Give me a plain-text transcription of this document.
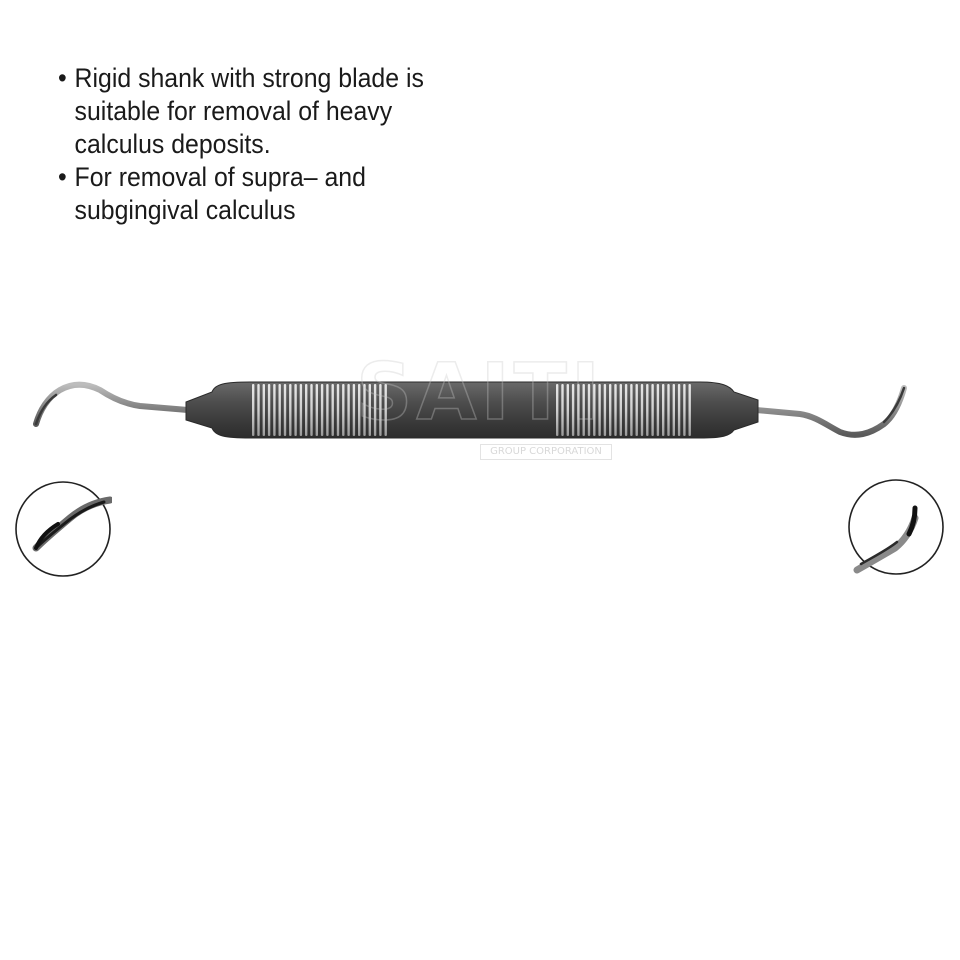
• Rigid shank with strong blade is
suitable for removal of heavy
calculus deposits.
• For removal of supra– and
subgingival calculus
GROUP CORPORATION
